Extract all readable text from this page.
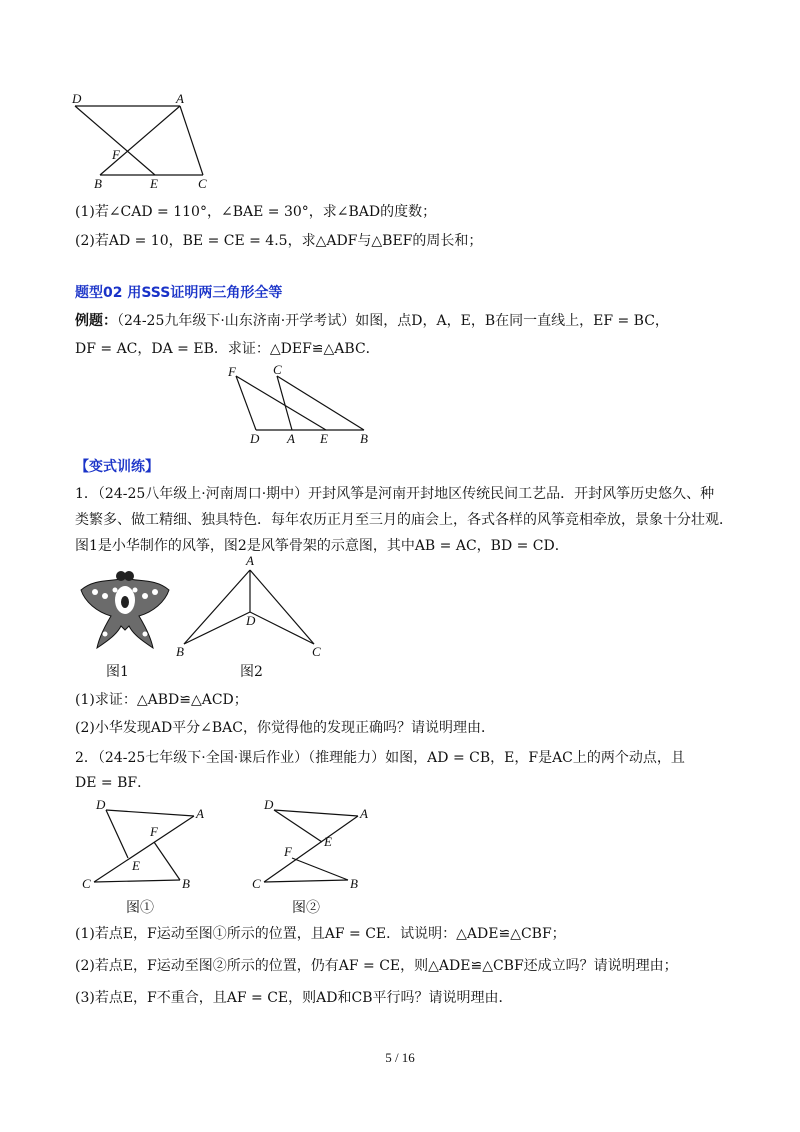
D	A
F
B	E	C
(1)若∠CAD = 110°，∠BAE = 30°，求∠BAD的度数；
(2)若AD = 10，BE = CE = 4.5，求△ADF与△BEF的周长和；
题型02 用SSS证明两三角形全等
例题：（24-25九年级下·山东济南·开学考试）如图，点D，A，E，B在同一直线上，EF = BC，
DF = AC，DA = EB．求证：△DEF≌△ABC．
F	C
D A E B
【变式训练】
1．（24-25八年级上·河南周口·期中）开封风筝是河南开封地区传统民间工艺品．开封风筝历史悠久、种
类繁多、做工精细、独具特色．每年农历正月至三月的庙会上，各式各样的风筝竞相牵放，景象十分壮观．
图1是小华制作的风筝，图2是风筝骨架的示意图，其中AB = AC，BD = CD．
A
D
B	C
图1	图2
(1)求证：△ABD≌△ACD；
(2)小华发现AD平分∠BAC，你觉得他的发现正确吗？请说明理由．
2．（24-25七年级下·全国·课后作业）（推理能力）如图，AD = CB，E，F是AC上的两个动点，且
DE = BF．
D
A
F
E
C	B
D
A
E
F
C	B
图①	图②
(1)若点E，F运动至图①所示的位置，且AF = CE．试说明：△ADE≌△CBF；
(2)若点E，F运动至图②所示的位置，仍有AF = CE，则△ADE≌△CBF还成立吗？请说明理由；
(3)若点E，F不重合，且AF = CE，则AD和CB平行吗？请说明理由．
5 / 16
